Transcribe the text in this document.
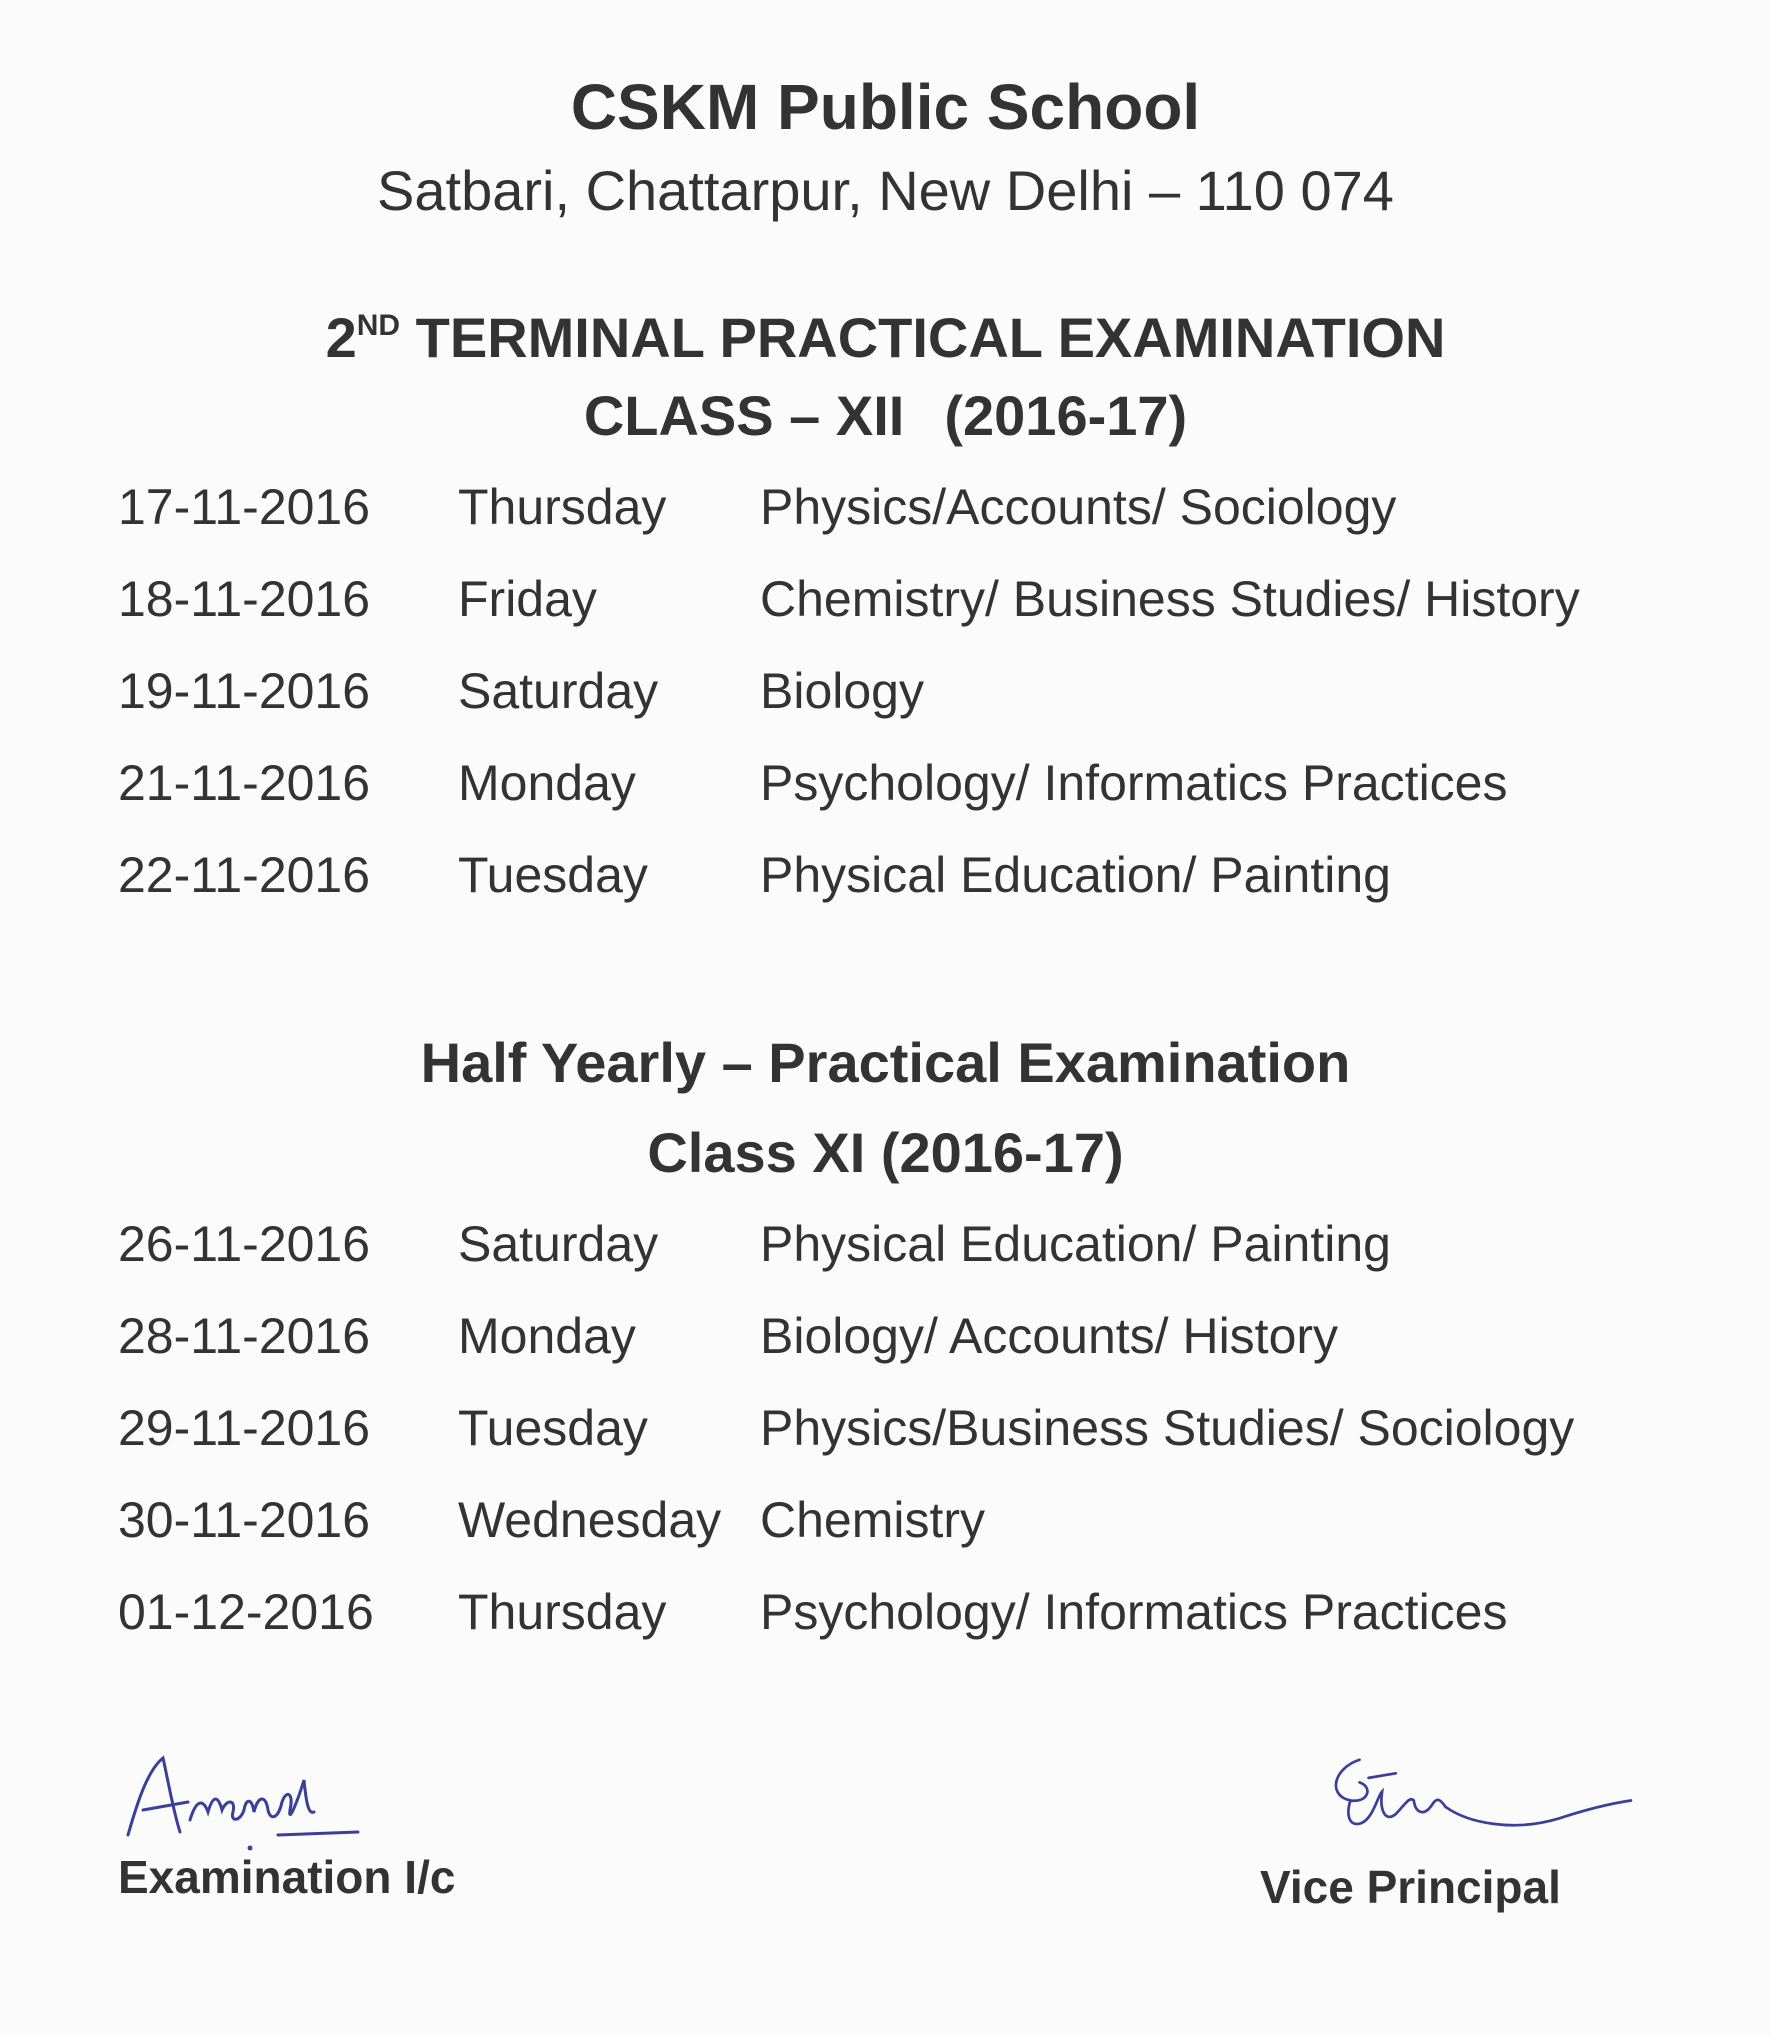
CSKM Public School
Satbari, Chattarpur, New Delhi – 110 074
2ND TERMINAL PRACTICAL EXAMINATION
CLASS – XII (2016-17)
17-11-2016 Thursday Physics/Accounts/ Sociology
18-11-2016 Friday	Chemistry/ Business Studies/ History
19-11-2016 Saturday Biology
21-11-2016 Monday Psychology/ Informatics Practices
22-11-2016 Tuesday Physical Education/ Painting
Half Yearly – Practical Examination
Class XI (2016-17)
26-11-2016 Saturday Physical Education/ Painting
28-11-2016 Monday Biology/ Accounts/ History
29-11-2016 Tuesday Physics/Business Studies/ Sociology
30-11-2016 Wednesday Chemistry
01-12-2016 Thursday Psychology/ Informatics Practices
Examination I/c	Vice Principal
